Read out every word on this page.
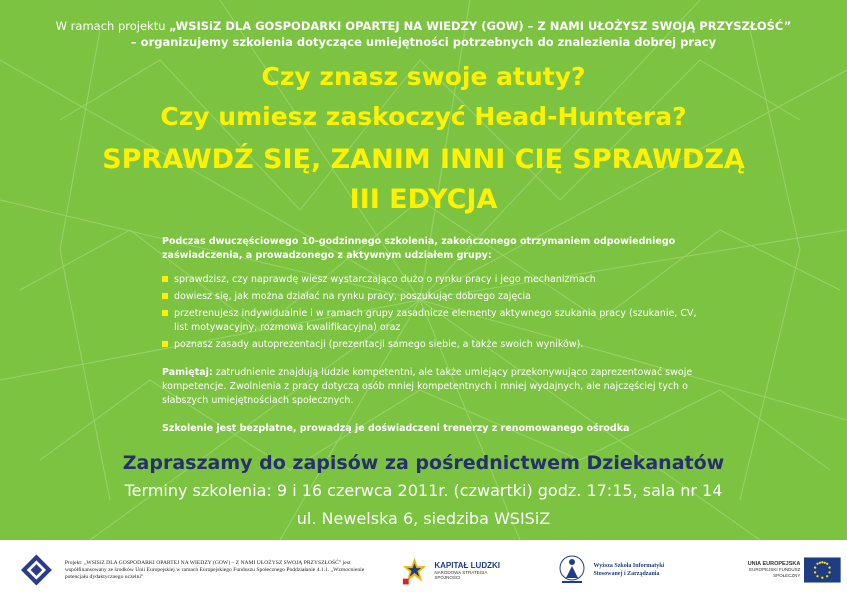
W ramach projektu „WSISiZ DLA GOSPODARKI OPARTEJ NA WIEDZY (GOW) – Z NAMI UŁOŻYSZ SWOJĄ PRZYSZŁOŚĆ”
– organizujemy szkolenia dotyczące umiejętności potrzebnych do znalezienia dobrej pracy
Czy znasz swoje atuty?
Czy umiesz zaskoczyć Head-Huntera?
SPRAWDŹ SIĘ, ZANIM INNI CIĘ SPRAWDZĄ
III EDYCJA
Podczas dwuczęściowego 10-godzinnego szkolenia, zakończonego otrzymaniem odpowiedniego zaświadczenia, a prowadzonego z aktywnym udziałem grupy:
sprawdzisz, czy naprawdę wiesz wystarczająco dużo o rynku pracy i jego mechanizmach
dowiesz się, jak można działać na rynku pracy, poszukując dobrego zajęcia
przetrenujesz indywidualnie i w ramach grupy zasadnicze elementy aktywnego szukania pracy (szukanie, CV, list motywacyjny, rozmowa kwalifikacyjna) oraz
poznasz zasady autoprezentacji (prezentacji samego siebie, a także swoich wyników).
Pamiętaj: zatrudnienie znajdują ludzie kompetentni, ale także umiejący przekonywująco zaprezentować swoje kompetencje. Zwolnienia z pracy dotyczą osób mniej kompetentnych i mniej wydajnych, ale najczęściej tych o słabszych umiejętnościach społecznych.
Szkolenie jest bezpłatne, prowadzą je doświadczeni trenerzy z renomowanego ośrodka
Zapraszamy do zapisów za pośrednictwem Dziekanatów
Terminy szkolenia: 9 i 16 czerwca 2011r. (czwartki) godz. 17:15, sala nr 14
ul. Newelska 6, siedziba WSISiZ
Projekt: „WSISiZ DLA GOSPODARKI OPARTEJ NA WIEDZY (GOW) – Z NAMI UŁOŻYSZ SWOJĄ PRZYSZŁOŚĆ” jest współfinansowany ze środków Unii Europejskiej w ramach Europejskiego Funduszu Społecznego Poddziałanie 4.1.1. „Wzmocnienie potencjału dydaktycznego uczelni”
KAPITAŁ LUDZKI
NARODOWA STRATEGIA SPÓJNOŚCI
Wyższa Szkoła Informatyki Stosowanej i Zarządzania
UNIA EUROPEJSKA
EUROPEJSKI FUNDUSZ SPOŁECZNY
